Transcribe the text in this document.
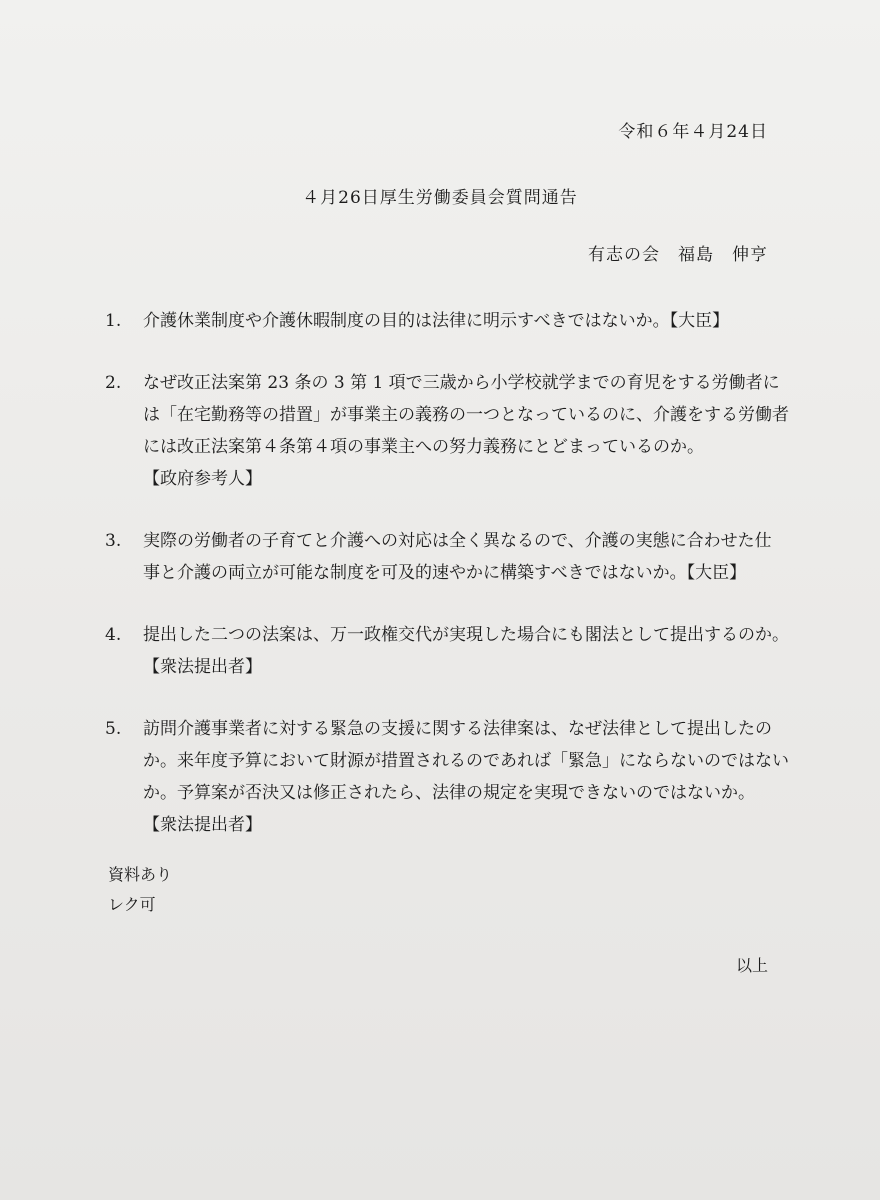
令和６年４月24日
４月26日厚生労働委員会質問通告
有志の会 福島　伸亨
1.	介護休業制度や介護休暇制度の目的は法律に明示すべきではないか。【大臣】
2.	なぜ改正法案第 23 条の 3 第 1 項で三歳から小学校就学までの育児をする労働者に
は「在宅勤務等の措置」が事業主の義務の一つとなっているのに、介護をする労働者
には改正法案第４条第４項の事業主への努力義務にとどまっているのか。
【政府参考人】
3.	実際の労働者の子育てと介護への対応は全く異なるので、介護の実態に合わせた仕
事と介護の両立が可能な制度を可及的速やかに構築すべきではないか。【大臣】
4.	提出した二つの法案は、万一政権交代が実現した場合にも閣法として提出するのか。
【衆法提出者】
5.	訪問介護事業者に対する緊急の支援に関する法律案は、なぜ法律として提出したの
か。来年度予算において財源が措置されるのであれば「緊急」にならないのではない
か。予算案が否決又は修正されたら、法律の規定を実現できないのではないか。
【衆法提出者】
資料あり
レク可
以上
